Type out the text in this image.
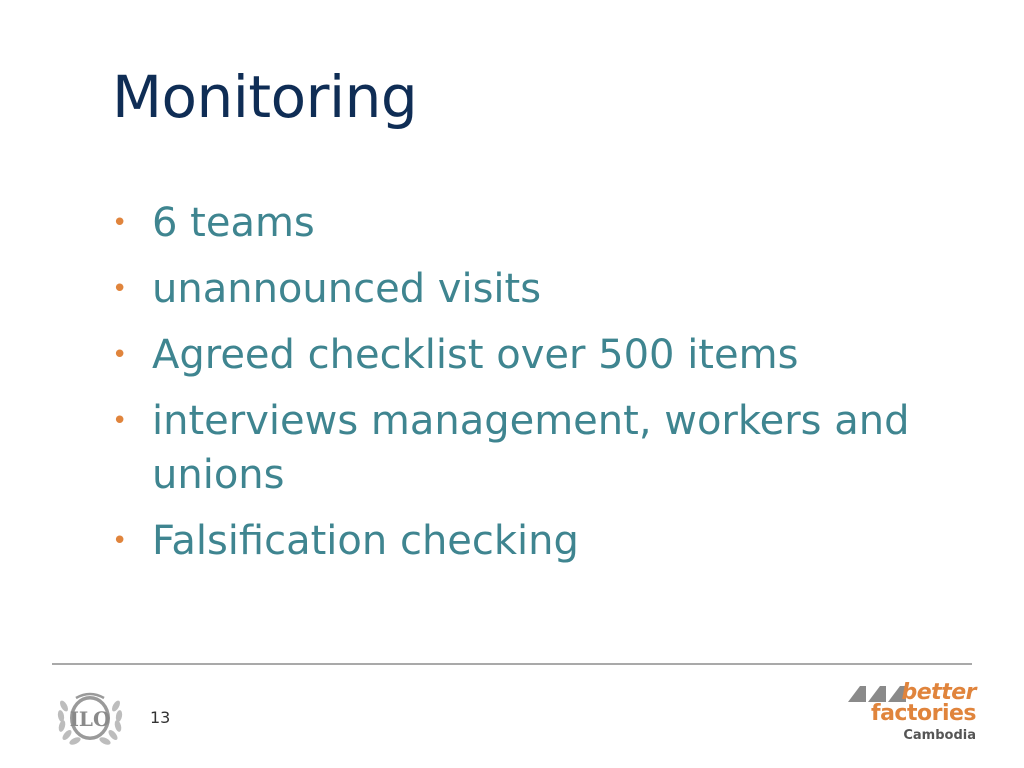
Monitoring
• 6 teams
• unannounced visits
• Agreed checklist over 500 items
• interviews management, workers and unions
• Falsification checking
ILO 13
better
factories
Cambodia
